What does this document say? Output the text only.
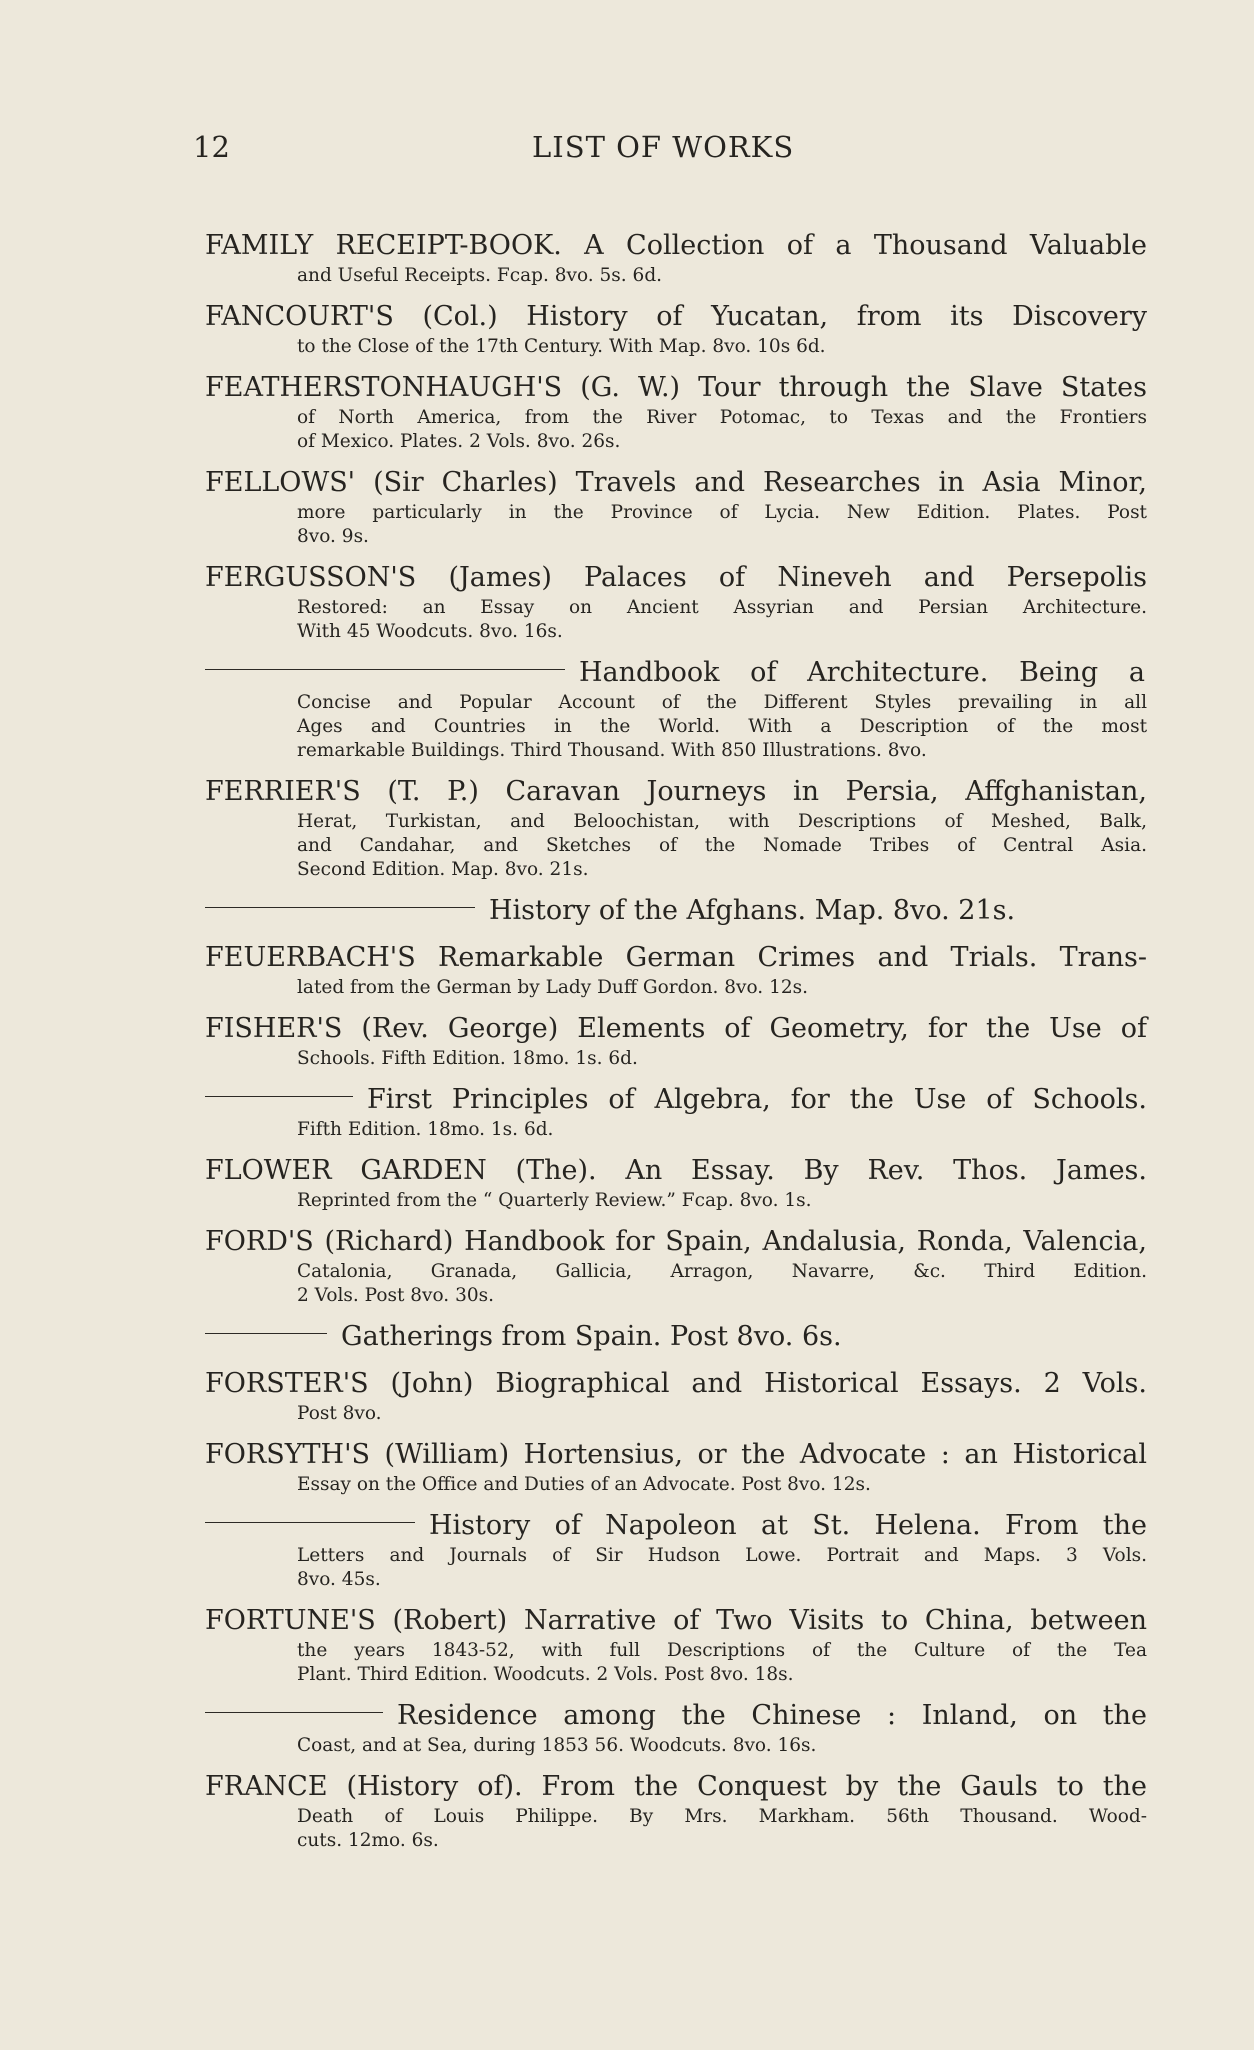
12	LIST OF WORKS
FAMILY RECEIPT-BOOK. A Collection of a Thousand Valuable
and Useful Receipts. Fcap. 8vo. 5s. 6d.
FANCOURT'S (Col.) History of Yucatan, from its Discovery
to the Close of the 17th Century. With Map. 8vo. 10s 6d.
FEATHERSTONHAUGH'S (G. W.) Tour through the Slave States
of North America, from the River Potomac, to Texas and the Frontiers
of Mexico. Plates. 2 Vols. 8vo. 26s.
FELLOWS' (Sir Charles) Travels and Researches in Asia Minor,
more particularly in the Province of Lycia. New Edition. Plates. Post
8vo. 9s.
FERGUSSON'S (James) Palaces of Nineveh and Persepolis
Restored: an Essay on Ancient Assyrian and Persian Architecture.
With 45 Woodcuts. 8vo. 16s.
Handbook of Architecture. Being a
Concise and Popular Account of the Different Styles prevailing in all
Ages and Countries in the World. With a Description of the most
remarkable Buildings. Third Thousand. With 850 Illustrations. 8vo.
FERRIER'S (T. P.) Caravan Journeys in Persia, Affghanistan,
Herat, Turkistan, and Beloochistan, with Descriptions of Meshed, Balk,
and Candahar, and Sketches of the Nomade Tribes of Central Asia.
Second Edition. Map. 8vo. 21s.
History of the Afghans. Map. 8vo. 21s.
FEUERBACH'S Remarkable German Crimes and Trials. Trans-
lated from the German by Lady Duff Gordon. 8vo. 12s.
FISHER'S (Rev. George) Elements of Geometry, for the Use of
Schools. Fifth Edition. 18mo. 1s. 6d.
First Principles of Algebra, for the Use of Schools.
Fifth Edition. 18mo. 1s. 6d.
FLOWER GARDEN (The). An Essay. By Rev. Thos. James.
Reprinted from the “ Quarterly Review.” Fcap. 8vo. 1s.
FORD'S (Richard) Handbook for Spain, Andalusia, Ronda, Valencia,
Catalonia, Granada, Gallicia, Arragon, Navarre, &c. Third Edition.
2 Vols. Post 8vo. 30s.
Gatherings from Spain. Post 8vo. 6s.
FORSTER'S (John) Biographical and Historical Essays. 2 Vols.
Post 8vo.
FORSYTH'S (William) Hortensius, or the Advocate : an Historical
Essay on the Office and Duties of an Advocate. Post 8vo. 12s.
History of Napoleon at St. Helena. From the
Letters and Journals of Sir Hudson Lowe. Portrait and Maps. 3 Vols.
8vo. 45s.
FORTUNE'S (Robert) Narrative of Two Visits to China, between
the years 1843-52, with full Descriptions of the Culture of the Tea
Plant. Third Edition. Woodcuts. 2 Vols. Post 8vo. 18s.
Residence among the Chinese : Inland, on the
Coast, and at Sea, during 1853 56. Woodcuts. 8vo. 16s.
FRANCE (History of). From the Conquest by the Gauls to the
Death of Louis Philippe. By Mrs. Markham. 56th Thousand. Wood-
cuts. 12mo. 6s.
